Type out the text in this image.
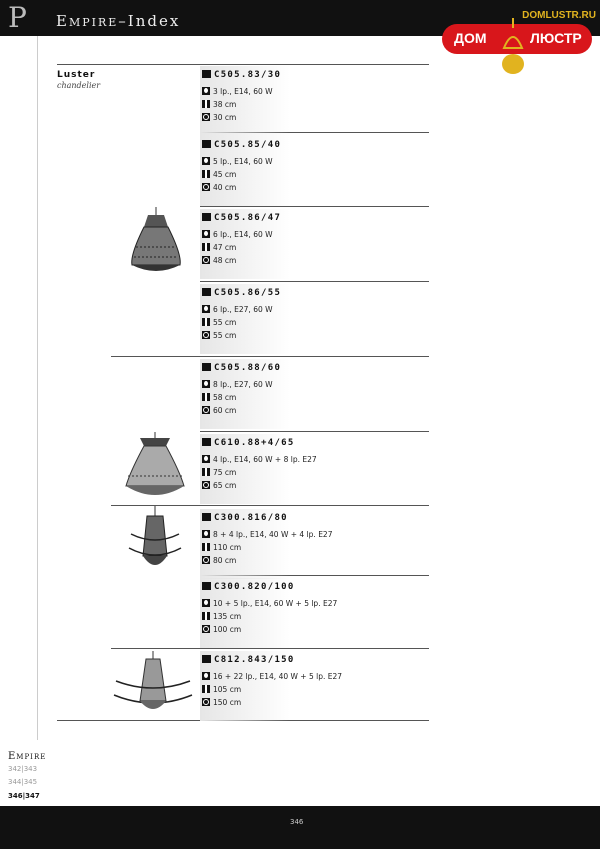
P	Empire–Index	DOMLUSTR.RU
ДОМ	ЛЮСТР
Luster
chandelier
C505.83/30
3 lp., E14, 60 W
38 cm
30 cm
C505.85/40
5 lp., E14, 60 W
45 cm
40 cm
C505.86/47
6 lp., E14, 60 W
47 cm
48 cm
C505.86/55
6 lp., E27, 60 W
55 cm
55 cm
C505.88/60
8 lp., E27, 60 W
58 cm
60 cm
C610.88+4/65
4 lp., E14, 60 W + 8 lp. E27
75 cm
65 cm
C300.816/80
8 + 4 lp., E14, 40 W + 4 lp. E27
110 cm
80 cm
C300.820/100
10 + 5 lp., E14, 60 W + 5 lp. E27
135 cm
100 cm
C812.843/150
16 + 22 lp., E14, 40 W + 5 lp. E27
105 cm
150 cm
Empire
342|343
344|345
346|347
346
